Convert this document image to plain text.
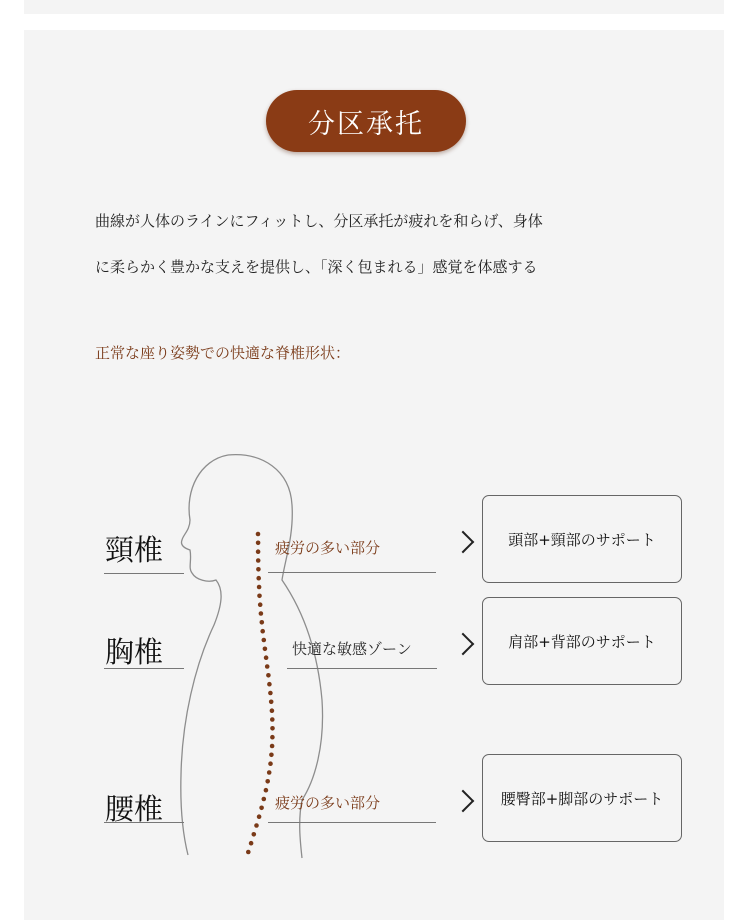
分区承托
曲線が人体のラインにフィットし、分区承托が疲れを和らげ、身体
に柔らかく豊かな支えを提供し、「深く包まれる」感覚を体感する
正常な座り姿勢での快適な脊椎形状：
頸椎	疲労の多い部分	頭部+頸部のサポート
胸椎	快適な敏感ゾーン	肩部+背部のサポート
腰椎	疲労の多い部分	腰臀部+脚部のサポート
